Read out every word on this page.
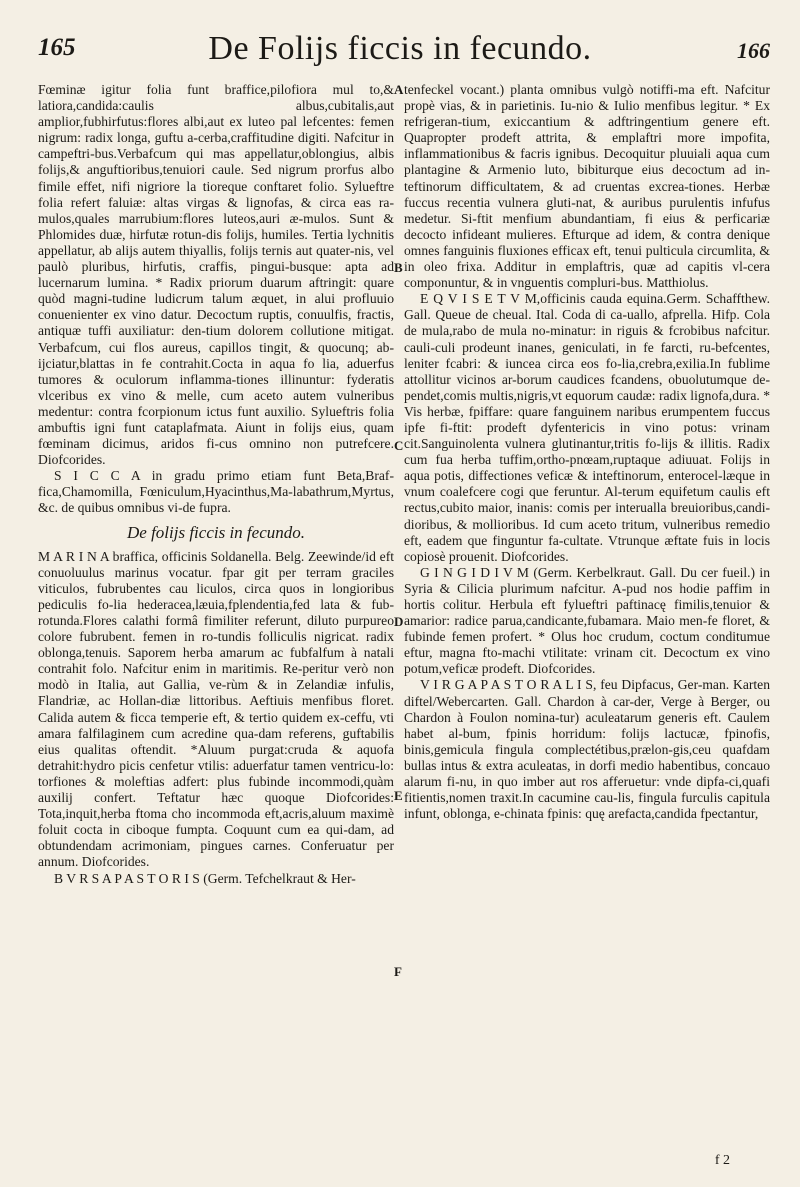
165	De Folijs ficcis in fecundo.	166

Fœminæ igitur folia funt braffice,pilofiora mul to,& latiora,candida:caulis albus,cubitalis,aut amplior,fubhirfutus:flores albi,aut ex luteo pal lefcentes: femen nigrum: radix longa, guftu a-cerba,craffitudine digiti. Nafcitur in campeftri-bus.Verbafcum qui mas appellatur,oblongius, albis folijs,& anguftioribus,tenuiori caule. Sed nigrum prorfus albo fimile effet, nifi nigriore la tioreque conftaret folio. Sylueftre folia refert faluiæ: altas virgas & lignofas, & circa eas ra-mulos,quales marrubium:flores luteos,auri æ-mulos. Sunt & Phlomides duæ, hirfutæ rotun-dis folijs, humiles. Tertia lychnitis appellatur, ab alijs autem thiyallis, folijs ternis aut quater-nis, vel paulò pluribus, hirfutis, craffis, pingui-busque: apta ad lucernarum lumina. * Radix priorum duarum aftringit: quare quòd magni-tudine ludicrum talum æquet, in alui profluuio conuenienter ex vino datur. Decoctum ruptis, conuulfis, fractis, antiquæ tuffi auxiliatur: den-tium dolorem collutione mitigat. Verbafcum, cui flos aureus, capillos tingit, & quocunq; ab-ijciatur,blattas in fe contrahit.Cocta in aqua fo lia, aduerfus tumores & oculorum inflamma-tiones illinuntur: fyderatis vlceribus ex vino & melle, cum aceto autem vulneribus medentur: contra fcorpionum ictus funt auxilio. Sylueftris folia ambuftis igni funt cataplafmata. Aiunt in folijs eius, quam fœminam dicimus, aridos fi-cus omnino non putrefcere. Diofcorides.

S I C C A in gradu primo etiam funt Beta,Braf-fica,Chamomilla, Fœniculum,Hyacinthus,Ma-labathrum,Myrtus, &c. de quibus omnibus vi-de fupra.

De folijs ficcis in fecundo.

M A R I N A braffica, officinis Soldanella. Belg. Zeewinde/id eft conuoluulus marinus vocatur. fpar git per terram graciles viticulos, fubrubentes cau liculos, circa quos in longioribus pediculis fo-lia hederacea,læuia,fplendentia,fed lata & fub-rotunda.Flores calathi formâ fimiliter referunt, diluto purpureo colore fubrubent. femen in ro-tundis folliculis nigricat. radix oblonga,tenuis. Saporem herba amarum ac fubfalfum à natali contrahit folo. Nafcitur enim in maritimis. Re-peritur verò non modò in Italia, aut Gallia, ve-rùm & in Zelandiæ infulis, Flandriæ, ac Hollan-diæ littoribus. Aeftiuis menfibus floret. Calida autem & ficca temperie eft, & tertio quidem ex-ceffu, vti amara falfilaginem cum acredine qua-dam referens, guftabilis eius qualitas oftendit. *Aluum purgat:cruda & aquofa detrahit:hydro picis cenfetur vtilis: aduerfatur tamen ventricu-lo: torfiones & moleftias adfert: plus fubinde incommodi,quàm auxilij confert. Teftatur hæc quoque Diofcorides: Tota,inquit,herba ftoma cho incommoda eft,acris,aluum maximè foluit cocta in ciboque fumpta. Coquunt cum ea qui-dam, ad obtundendam acrimoniam, pingues carnes. Conferuatur per annum. Diofcorides.

B V R S A P A S T O R I S (Germ. Tefchelkraut & Her-

A
B
C
D
E
F

tenfeckel vocant.) planta omnibus vulgò notiffi-ma eft. Nafcitur propè vias, & in parietinis. Iu-nio & Iulio menfibus legitur. * Ex refrigeran-tium, exiccantium & adftringentium genere eft. Quapropter prodeft attrita, & emplaftri more impofita, inflammationibus & facris ignibus. Decoquitur pluuiali aqua cum plantagine & Armenio luto, bibiturque eius decoctum ad in-teftinorum difficultatem, & ad cruentas excrea-tiones. Herbæ fuccus recentia vulnera gluti-nat, & auribus purulentis infufus medetur. Si-ftit menfium abundantiam, fi eius & perficariæ decocto infideant mulieres. Efturque ad idem, & contra denique omnes fanguinis fluxiones efficax eft, tenui pulticula circumlita, & in oleo frixa. Additur in emplaftris, quæ ad capitis vl-cera componuntur, & in vnguentis compluri-bus. Matthiolus.

E Q V I S E T V M,officinis cauda equina.Germ. Schaffthew. Gall. Queue de cheual. Ital. Coda di ca-uallo, afprella. Hifp. Cola de mula,rabo de mula no-minatur: in riguis & fcrobibus nafcitur. cauli-culi prodeunt inanes, geniculati, in fe farcti, ru-befcentes, leniter fcabri: & iuncea circa eos fo-lia,crebra,exilia.In fublime attollitur vicinos ar-borum caudices fcandens, obuolutumque de-pendet,comis multis,nigris,vt equorum caudæ: radix lignofa,dura. * Vis herbæ, fpiffare: quare fanguinem naribus erumpentem fuccus ipfe fi-ftit: prodeft dyfentericis in vino potus: vrinam cit.Sanguinolenta vulnera glutinantur,tritis fo-lijs & illitis. Radix cum fua herba tuffim,ortho-pnœam,ruptaque adiuuat. Folijs in aqua potis, diffectiones veficæ & inteftinorum, enterocel-læque in vnum coalefcere cogi que feruntur. Al-terum equifetum caulis eft rectus,cubito maior, inanis: comis per interualla breuioribus,candi-dioribus, & mollioribus. Id cum aceto tritum, vulneribus remedio eft, eadem que finguntur fa-cultate. Vtrunque æftate fuis in locis copiosè prouenit. Diofcorides.

G I N G I D I V M (Germ. Kerbelkraut. Gall. Du cer fueil.) in Syria & Cilicia plurimum nafcitur. A-pud nos hodie paffim in hortis colitur. Herbula eft fylueftri paftinacę fimilis,tenuior & amarior: radice parua,candicante,fubamara. Maio men-fe floret, & fubinde femen profert. * Olus hoc crudum, coctum conditumue eftur, magna fto-machi vtilitate: vrinam cit. Decoctum ex vino potum,veficæ prodeft. Diofcorides.

V I R G A P A S T O R A L I S, feu Dipfacus, Ger-man. Karten diftel/Webercarten. Gall. Chardon à car-der, Verge à Berger, ou Chardon à Foulon nomina-tur) aculeatarum generis eft. Caulem habet al-bum, fpinis horridum: folijs lactucæ, fpinofis, binis,gemicula fingula complectétibus,prælon-gis,ceu quafdam bullas intus & extra aculeatas, in dorfi medio habentibus, concauo alarum fi-nu, in quo imber aut ros afferuetur: vnde dipfa-ci,quafi fitientis,nomen traxit.In cacumine cau-lis, fingula furculis capitula infunt, oblonga, e-chinata fpinis: quę arefacta,candida fpectantur,

f 2
